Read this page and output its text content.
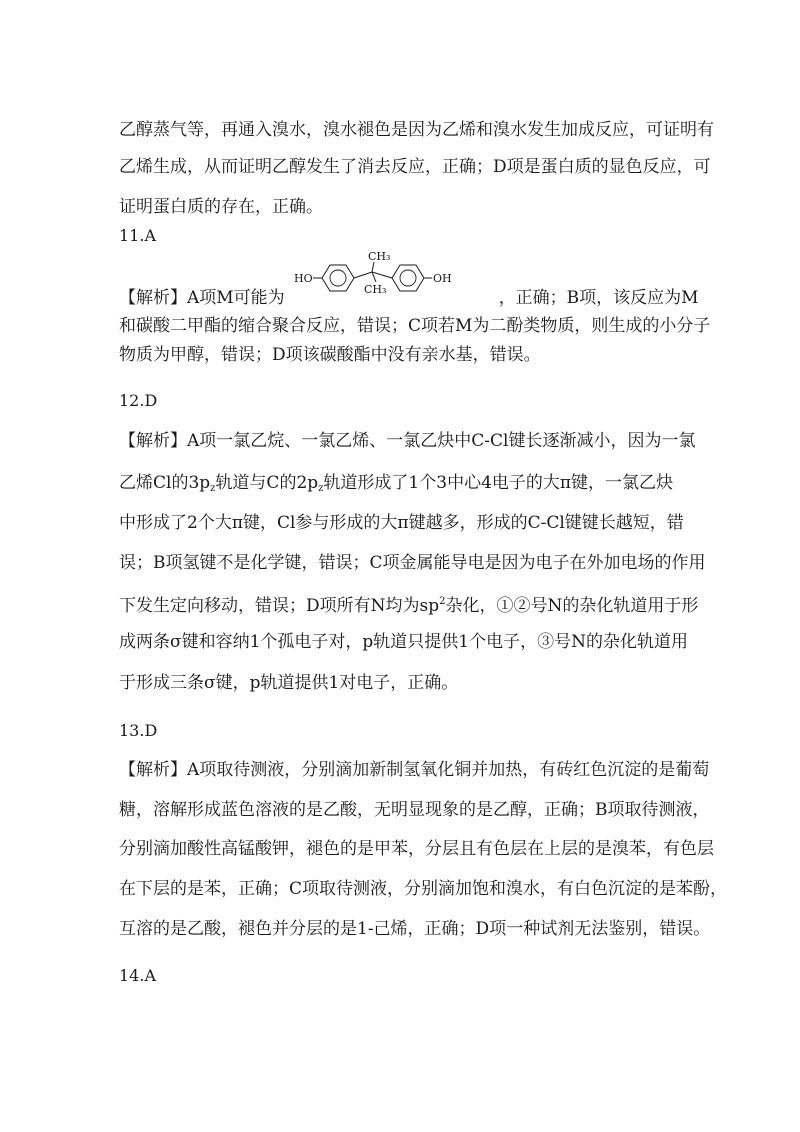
乙醇蒸气等，再通入溴水，溴水褪色是因为乙烯和溴水发生加成反应，可证明有
乙烯生成，从而证明乙醇发生了消去反应，正确；D项是蛋白质的显色反应，可
证明蛋白质的存在，正确。
11.A
HO
CH₃
CH₃
OH
【解析】A项M可能为	，正确；B项，该反应为M
和碳酸二甲酯的缩合聚合反应，错误；C项若M为二酚类物质，则生成的小分子
物质为甲醇，错误；D项该碳酸酯中没有亲水基，错误。
12.D
【解析】A项一氯乙烷、一氯乙烯、一氯乙炔中C-Cl键长逐渐减小，因为一氯
乙烯Cl的$3p_z$轨道与C的$2p_z$轨道形成了1个3中心4电子的大π键，一氯乙炔
中形成了2个大π键，Cl参与形成的大π键越多，形成的C-Cl键键长越短，错
误；B项氢键不是化学键，错误；C项金属能导电是因为电子在外加电场的作用
下发生定向移动，错误；D项所有N均为$sp^2$杂化，①②号N的杂化轨道用于形
成两条σ键和容纳1个孤电子对，p轨道只提供1个电子，③号N的杂化轨道用
于形成三条σ键，p轨道提供1对电子，正确。
13.D
【解析】A项取待测液，分别滴加新制氢氧化铜并加热，有砖红色沉淀的是葡萄
糖，溶解形成蓝色溶液的是乙酸，无明显现象的是乙醇，正确；B项取待测液，
分别滴加酸性高锰酸钾，褪色的是甲苯，分层且有色层在上层的是溴苯，有色层
在下层的是苯，正确；C项取待测液，分别滴加饱和溴水，有白色沉淀的是苯酚，
互溶的是乙酸，褪色并分层的是1-己烯，正确；D项一种试剂无法鉴别，错误。
14.A
